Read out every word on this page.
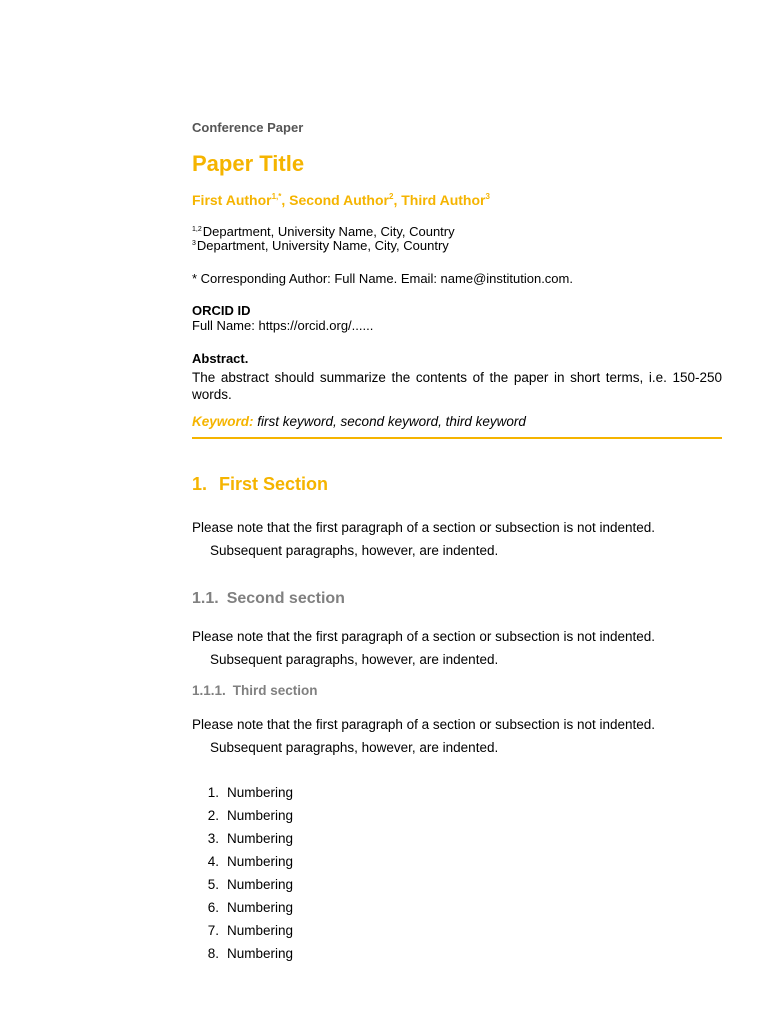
Conference Paper
Paper Title
First Author$^{1,*}$, Second Author$^2$, Third Author$^3$
$^{1,2}$Department, University Name, City, Country
$^3$Department, University Name, City, Country
* Corresponding Author: Full Name. Email: name@institution.com.
ORCID ID
Full Name: https://orcid.org/......
Abstract.
The abstract should summarize the contents of the paper in short terms, i.e. 150-250 words.
Keyword: first keyword, second keyword, third keyword
1. First Section
Please note that the first paragraph of a section or subsection is not indented.
Subsequent paragraphs, however, are indented.
1.1. Second section
Please note that the first paragraph of a section or subsection is not indented.
Subsequent paragraphs, however, are indented.
1.1.1. Third section
Please note that the first paragraph of a section or subsection is not indented.
Subsequent paragraphs, however, are indented.
1. Numbering
2. Numbering
3. Numbering
4. Numbering
5. Numbering
6. Numbering
7. Numbering
8. Numbering
